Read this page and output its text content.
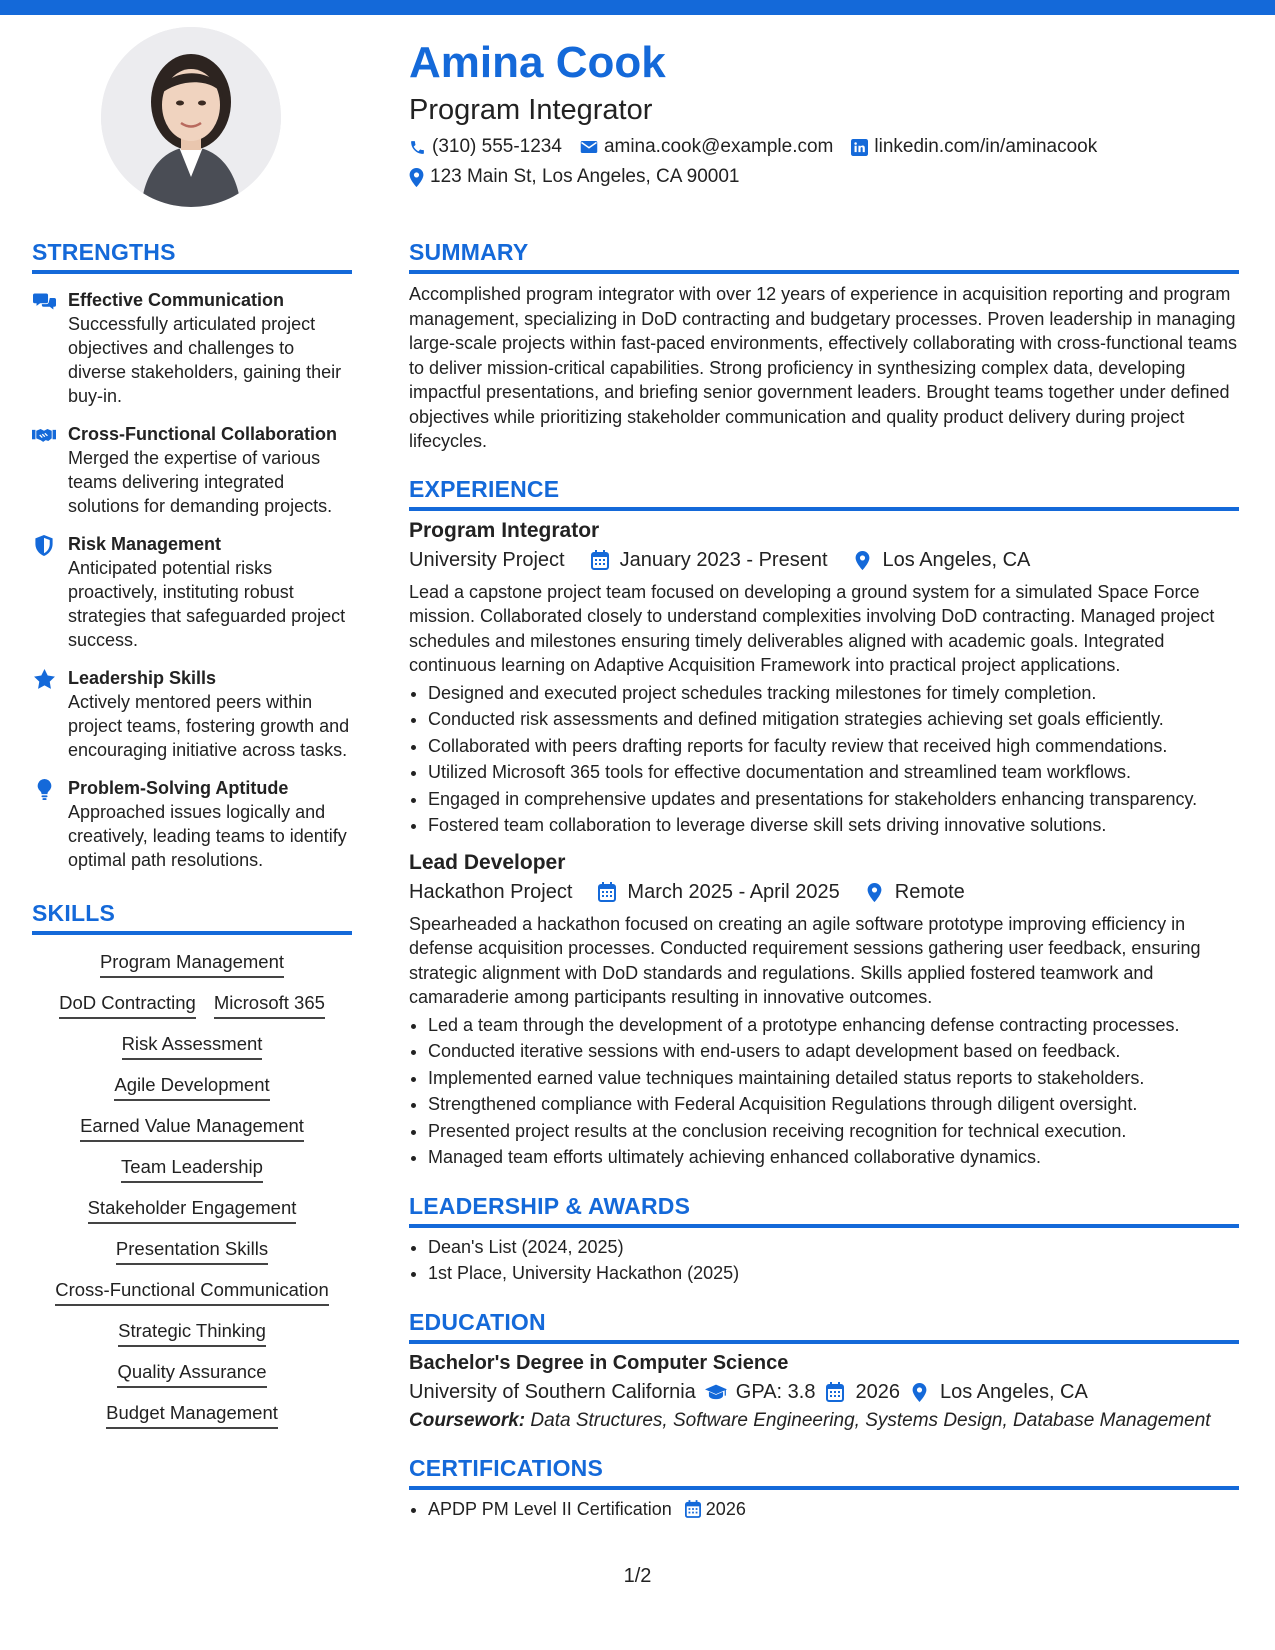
Amina Cook
Program Integrator
(310) 555-1234 amina.cook@example.com linkedin.com/in/aminacook
123 Main St, Los Angeles, CA 90001
STRENGTHS
Effective Communication
Successfully articulated project objectives and challenges to diverse stakeholders, gaining their buy-in.
Cross-Functional Collaboration
Merged the expertise of various teams delivering integrated solutions for demanding projects.
Risk Management
Anticipated potential risks proactively, instituting robust strategies that safeguarded project success.
Leadership Skills
Actively mentored peers within project teams, fostering growth and encouraging initiative across tasks.
Problem-Solving Aptitude
Approached issues logically and creatively, leading teams to identify optimal path resolutions.
SKILLS
Program Management
DoD Contracting Microsoft 365
Risk Assessment
Agile Development
Earned Value Management
Team Leadership
Stakeholder Engagement
Presentation Skills
Cross-Functional Communication
Strategic Thinking
Quality Assurance
Budget Management
SUMMARY

Accomplished program integrator with over 12 years of experience in acquisition reporting and program management, specializing in DoD contracting and budgetary processes. Proven leadership in managing large-scale projects within fast-paced environments, effectively collaborating with cross-functional teams to deliver mission-critical capabilities. Strong proficiency in synthesizing complex data, developing impactful presentations, and briefing senior government leaders. Brought teams together under defined objectives while prioritizing stakeholder communication and quality product delivery during project lifecycles.

EXPERIENCE
Program Integrator
University Project	January 2023 - Present	Los Angeles, CA

Lead a capstone project team focused on developing a ground system for a simulated Space Force mission. Collaborated closely to understand complexities involving DoD contracting. Managed project schedules and milestones ensuring timely deliverables aligned with academic goals. Integrated continuous learning on Adaptive Acquisition Framework into practical project applications.

• Designed and executed project schedules tracking milestones for timely completion.
• Conducted risk assessments and defined mitigation strategies achieving set goals efficiently.
• Collaborated with peers drafting reports for faculty review that received high commendations.
• Utilized Microsoft 365 tools for effective documentation and streamlined team workflows.
• Engaged in comprehensive updates and presentations for stakeholders enhancing transparency.
• Fostered team collaboration to leverage diverse skill sets driving innovative solutions.
Lead Developer
Hackathon Project	March 2025 - April 2025	Remote

Spearheaded a hackathon focused on creating an agile software prototype improving efficiency in defense acquisition processes. Conducted requirement sessions gathering user feedback, ensuring strategic alignment with DoD standards and regulations. Skills applied fostered teamwork and camaraderie among participants resulting in innovative outcomes.

• Led a team through the development of a prototype enhancing defense contracting processes.
• Conducted iterative sessions with end-users to adapt development based on feedback.
• Implemented earned value techniques maintaining detailed status reports to stakeholders.
• Strengthened compliance with Federal Acquisition Regulations through diligent oversight.
• Presented project results at the conclusion receiving recognition for technical execution.
• Managed team efforts ultimately achieving enhanced collaborative dynamics.
LEADERSHIP & AWARDS
• Dean's List (2024, 2025)
• 1st Place, University Hackathon (2025)
EDUCATION
Bachelor's Degree in Computer Science
University of Southern California GPA: 3.8 2026 Los Angeles, CA
Coursework: Data Structures, Software Engineering, Systems Design, Database Management
CERTIFICATIONS
• APDP PM Level II Certification 2026
1/2
